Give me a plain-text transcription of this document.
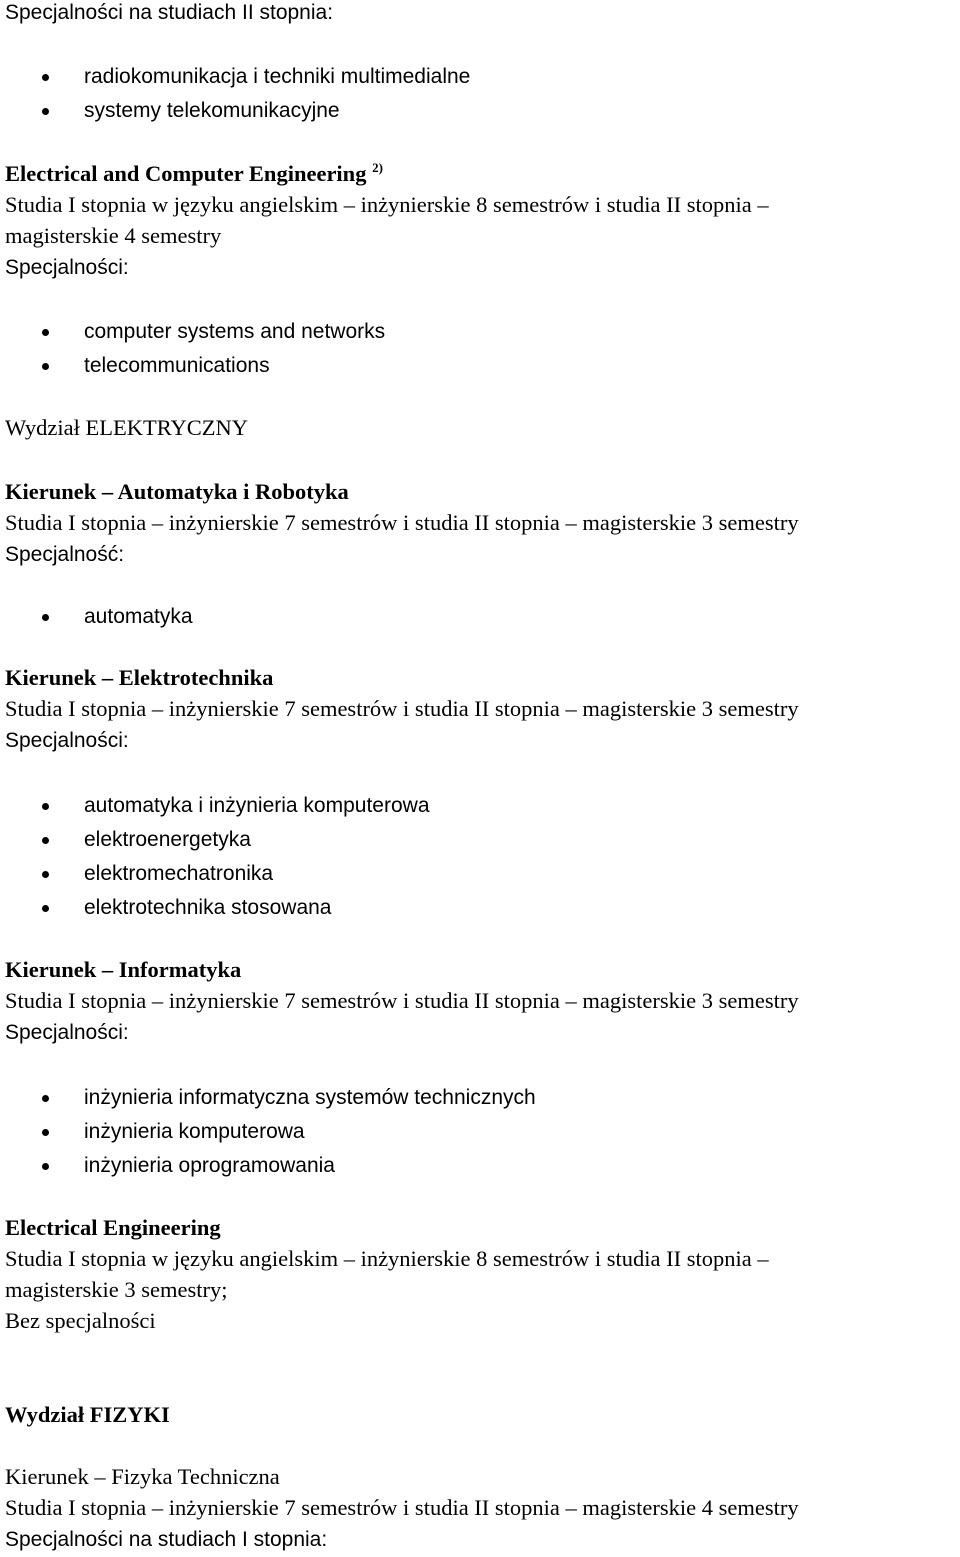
Specjalności na studiach II stopnia:
radiokomunikacja i techniki multimedialne
systemy telekomunikacyjne
Electrical and Computer Engineering $^{2)}$
Studia I stopnia w języku angielskim – inżynierskie 8 semestrów i studia II stopnia –
magisterskie 4 semestry
Specjalności:
computer systems and networks
telecommunications
Wydział ELEKTRYCZNY
Kierunek – Automatyka i Robotyka
Studia I stopnia – inżynierskie 7 semestrów i studia II stopnia – magisterskie 3 semestry
Specjalność:
automatyka
Kierunek – Elektrotechnika
Studia I stopnia – inżynierskie 7 semestrów i studia II stopnia – magisterskie 3 semestry
Specjalności:
automatyka i inżynieria komputerowa
elektroenergetyka
elektromechatronika
elektrotechnika stosowana
Kierunek – Informatyka
Studia I stopnia – inżynierskie 7 semestrów i studia II stopnia – magisterskie 3 semestry
Specjalności:
inżynieria informatyczna systemów technicznych
inżynieria komputerowa
inżynieria oprogramowania
Electrical Engineering
Studia I stopnia w języku angielskim – inżynierskie 8 semestrów i studia II stopnia –
magisterskie 3 semestry;
Bez specjalności
Wydział FIZYKI
Kierunek – Fizyka Techniczna
Studia I stopnia – inżynierskie 7 semestrów i studia II stopnia – magisterskie 4 semestry
Specjalności na studiach I stopnia:
